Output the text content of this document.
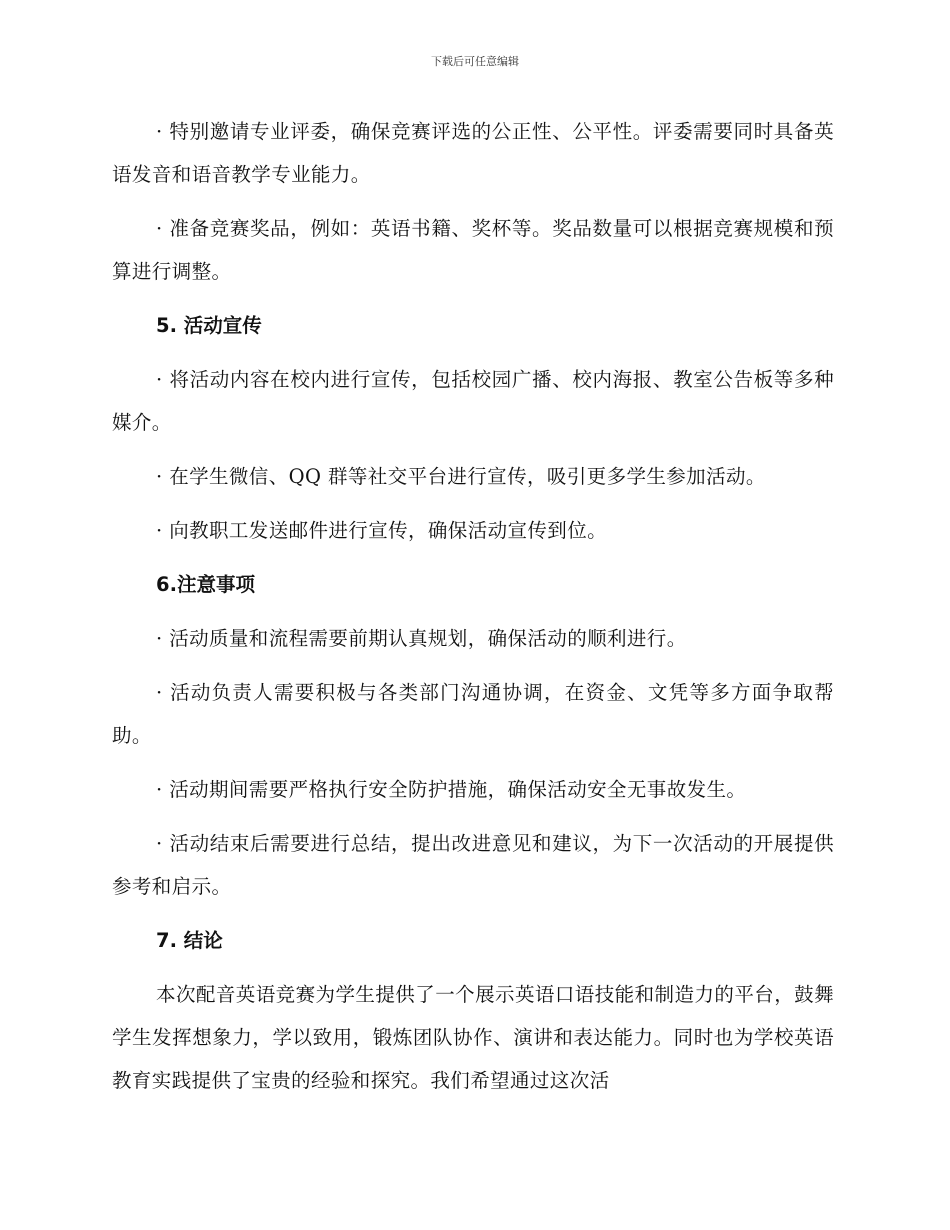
下载后可任意编辑

· 特别邀请专业评委，确保竞赛评选的公正性、公平性。评委需要同时具备英语发音和语音教学专业能力。

· 准备竞赛奖品，例如：英语书籍、奖杯等。奖品数量可以根据竞赛规模和预算进行调整。

5. 活动宣传

· 将活动内容在校内进行宣传，包括校园广播、校内海报、教室公告板等多种媒介。

· 在学生微信、QQ 群等社交平台进行宣传，吸引更多学生参加活动。

· 向教职工发送邮件进行宣传，确保活动宣传到位。

6.注意事项

· 活动质量和流程需要前期认真规划，确保活动的顺利进行。

· 活动负责人需要积极与各类部门沟通协调，在资金、文凭等多方面争取帮助。

· 活动期间需要严格执行安全防护措施，确保活动安全无事故发生。

· 活动结束后需要进行总结，提出改进意见和建议，为下一次活动的开展提供参考和启示。

7. 结论

本次配音英语竞赛为学生提供了一个展示英语口语技能和制造力的平台，鼓舞学生发挥想象力，学以致用，锻炼团队协作、演讲和表达能力。同时也为学校英语教育实践提供了宝贵的经验和探究。我们希望通过这次活
